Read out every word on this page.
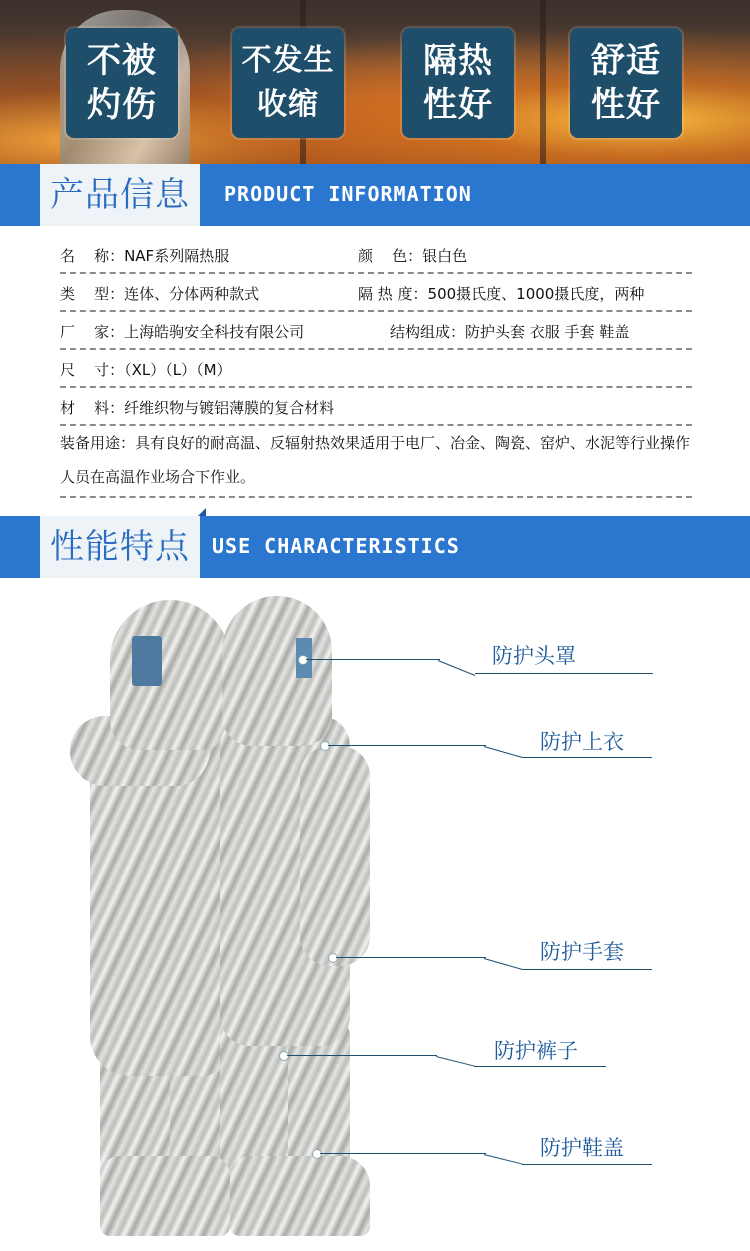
不被
灼伤
不发生
收缩
隔热
性好
舒适
性好
产品信息 PRODUCT INFORMATION
名    称：NAF系列隔热服	颜    色：银白色
类    型：连体、分体两种款式	隔 热 度：500摄氏度、1000摄氏度，两种
厂    家：上海皓驹安全科技有限公司	结构组成：防护头套 衣服 手套 鞋盖
尺    寸：（XL）（L）（M）
材    料：纤维织物与镀铝薄膜的复合材料
装备用途：具有良好的耐高温、反辐射热效果适用于电厂、冶金、陶瓷、窑炉、水泥等行业操作人员在高温作业场合下作业。
性能特点 USE CHARACTERISTICS
防护头罩
防护上衣
防护手套
防护裤子
防护鞋盖
